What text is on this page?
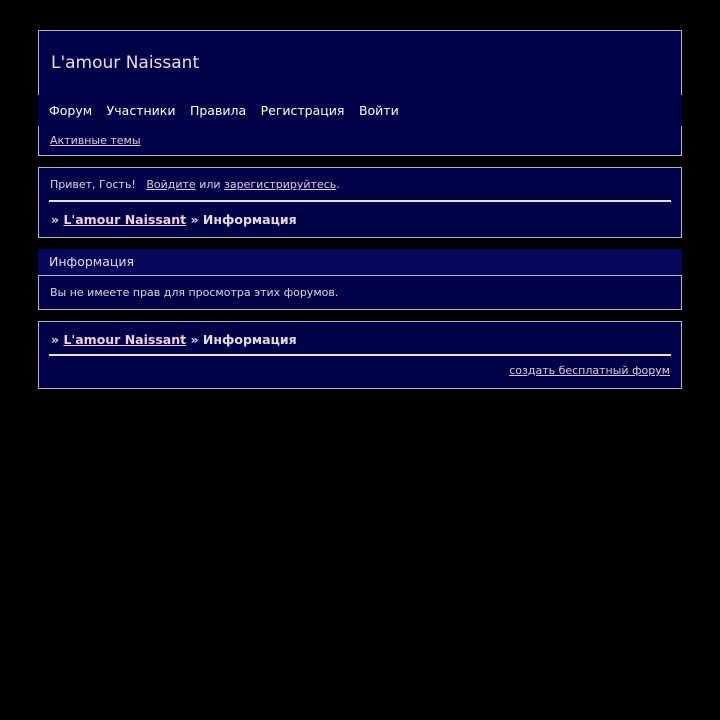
L'amour Naissant
Форум Участники Правила Регистрация Войти
Активные темы
Привет, Гость! Войдите или зарегистрируйтесь.
» L'amour Naissant » Информация
Информация
Вы не имеете прав для просмотра этих форумов.
» L'amour Naissant » Информация
создать бесплатный форум
